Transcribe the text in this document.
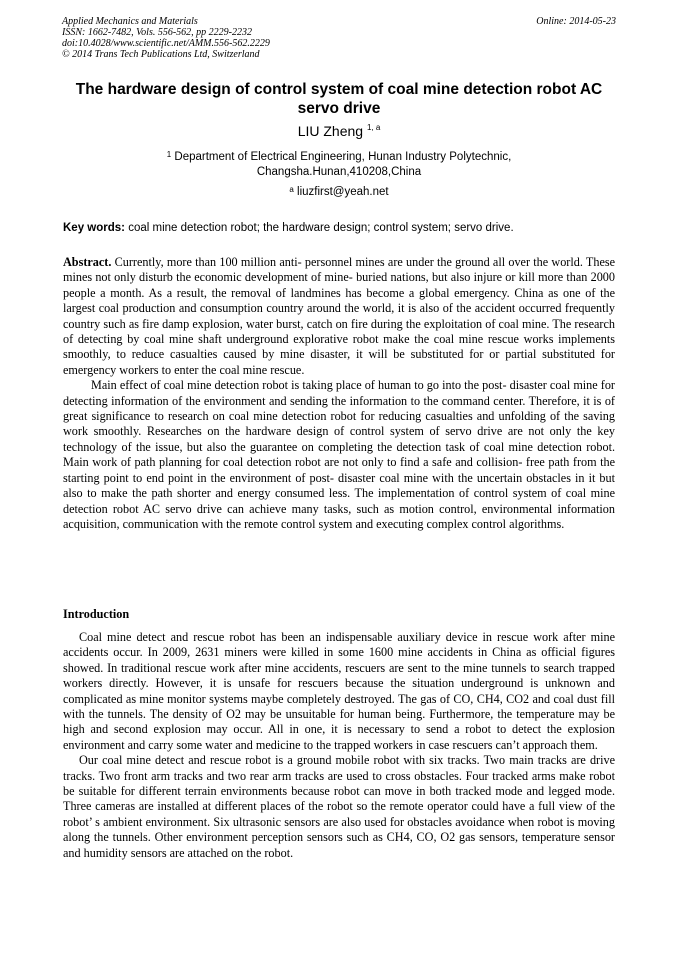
Applied Mechanics and Materials
ISSN: 1662-7482, Vols. 556-562, pp 2229-2232
doi:10.4028/www.scientific.net/AMM.556-562.2229
© 2014 Trans Tech Publications Ltd, Switzerland
Online: 2014-05-23
The hardware design of control system of coal mine detection robot AC servo drive
LIU Zheng $^{1, a}$
$^1$ Department of Electrical Engineering, Hunan Industry Polytechnic,
Changsha.Hunan,410208,China
$^a$ liuzfirst@yeah.net
Key words: coal mine detection robot; the hardware design; control system; servo drive.

Abstract. Currently, more than 100 million anti- personnel mines are under the ground all over the world. These mines not only disturb the economic development of mine- buried nations, but also injure or kill more than 2000 people a month. As a result, the removal of landmines has become a global emergency. China as one of the largest coal production and consumption country around the world, it is also of the accident occurred frequently country such as fire damp explosion, water burst, catch on fire during the exploitation of coal mine. The research of detecting by coal mine shaft underground explorative robot make the coal mine rescue works implements smoothly, to reduce casualties caused by mine disaster, it will be substituted for or partial substituted for emergency workers to enter the coal mine rescue.

Main effect of coal mine detection robot is taking place of human to go into the post- disaster coal mine for detecting information of the environment and sending the information to the command center. Therefore, it is of great significance to research on coal mine detection robot for reducing casualties and unfolding of the saving work smoothly. Researches on the hardware design of control system of servo drive are not only the key technology of the issue, but also the guarantee on completing the detection task of coal mine detection robot. Main work of path planning for coal detection robot are not only to find a safe and collision- free path from the starting point to end point in the environment of post- disaster coal mine with the uncertain obstacles in it but also to make the path shorter and energy consumed less. The implementation of control system of coal mine detection robot AC servo drive can achieve many tasks, such as motion control, environmental information acquisition, communication with the remote control system and executing complex control algorithms.

Introduction

Coal mine detect and rescue robot has been an indispensable auxiliary device in rescue work after mine accidents occur. In 2009, 2631 miners were killed in some 1600 mine accidents in China as official figures showed. In traditional rescue work after mine accidents, rescuers are sent to the mine tunnels to search trapped workers directly. However, it is unsafe for rescuers because the situation underground is unknown and complicated as mine monitor systems maybe completely destroyed. The gas of CO, CH4, CO2 and coal dust fill with the tunnels. The density of O2 may be unsuitable for human being. Furthermore, the temperature may be high and second explosion may occur. All in one, it is necessary to send a robot to detect the explosion environment and carry some water and medicine to the trapped workers in case rescuers can’t approach them.

Our coal mine detect and rescue robot is a ground mobile robot with six tracks. Two main tracks are drive tracks. Two front arm tracks and two rear arm tracks are used to cross obstacles. Four tracked arms make robot be suitable for different terrain environments because robot can move in both tracked mode and legged mode. Three cameras are installed at different places of the robot so the remote operator could have a full view of the robot’ s ambient environment. Six ultrasonic sensors are also used for obstacles avoidance when robot is moving along the tunnels. Other environment perception sensors such as CH4, CO, O2 gas sensors, temperature sensor and humidity sensors are attached on the robot.
